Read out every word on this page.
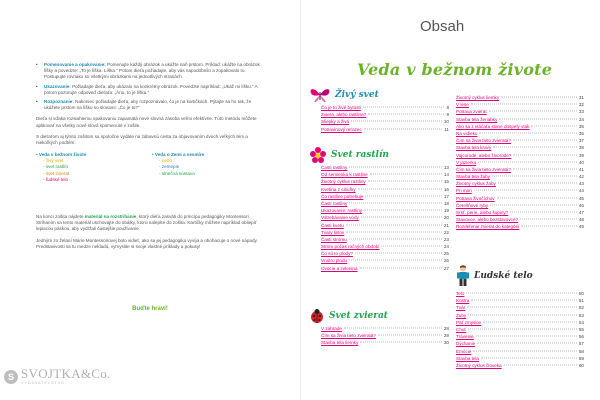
• Pomenovanie a opakovanie: Pomenujte každý obrázok a ukážte naň prstom. Príklad: ukážte na obrázok líšky a povedzte: „To je líška. Líška.“ Potom dieťa požiadajte, aby vás napodobnilo a zopakovalo to. Postupujte rovnako so všetkými obrázkami na jednotlivých stranách.
• Ukazovanie: Požiadajte dieťa, aby ukázalo na konkrétny obrázok. Povedzte napríklad: „Ukáž mi líšku.“ A potom pozorujte odpoveď dieťaťa: „Áno, to je líška.“
• Rozpoznanie: Nakoniec požiadajte dieťa, aby rozpoznávalo, čo je na kartičkách. Pýtajte sa ho tak, že ukážete prstom na líšku so slovami: „Čo je to?“

Dieťa si vďaka rozsiahlemu opakovaniu zapamätá nové slovná zásoba veľmi efektívne. Túto metódu môžete aplikovať na všetky nové slová spomenuté v zošite.

S dieťaťom aj týmto zošitom sa spoločne vydáte na zábavnú cesta za objavovaním dvoch veľkých tém a niekoľkých podtém:

• Veda v bežnom živote
- živý svet
- svet rastlín
- svet zvierat
- ľudské telo
• Veda o Zemi a vesmíre
- nebo
- zemepis
- slnečná sústava

Na konci zošita nájdete materiál na rozstrihanie, ktorý dieťa zasväti do princípu pedagogiky Montessori. Strihaním sa tento materiál uschovajte do obálky, ktorú nalepíte do zošita. Kartičky môžete napríklad obliepiť lepiacou páskou, aby vydržali častejšie používanie.

Jedným zo želaní Márie Montessoriovej bolo vidieť, ako sa jej pedagogika vyvíja a obohacuje o nové nápady. Predstavivosti sa tu medze nekladú, vymyslite si svoje vlastné príklady a pokusy!

Buďte hraví!
S SVOJTKA&Co.
VYDAVATEĽSTVO
Obsah
Veda v bežnom živote
Živý svet
Čo je to živé bytosti	8
Zviera, alebo rastlina?	9
Sliepky a živá	10
Potravinový reťazec	11
Svet rastlín
Časti rastliny	13
Od semienka k rastline	14
Životný cyklus rastliny	15
Kvetina z cibuľky	16
Čo rastline potrebuje	17
Časti rastliny	18
Ukazovanie: rastliny	19
Vstrebávanie vody	20
Časti kvetu	21
Tvary listov	22
Časti stromu	23
Strom počas ročných období	24
Čo sú to plody?	25
Vnútro plodu	26
Ovocie a zelenina	27
Svet zvierat
V záhrade	28
Čím sa živia tieto zvieratá?	29
Stavba tela liemky	30
Životný cyklus liemky	31
V lese	32
Potrava zvierat	33
Stavba tela žeriabky	34
Ako sa z vtáčaťa stane dospelý vták	35
Na vidieku	36
Čím sa živia tieto zvieratá?	37
Stavba tela kravy	38
Vajcorodé, alebo živorodé?	39
V jazierku	40
Čím sa živia tieto zvieratá?	41
Stavba tela žaby	42
Životný cyklus žaby	43
Pri mori	44
Potrava živočíchov	45
Čerešňové ryby	46
Srsť, perie, alebo šupiny?	47
Stavovce, alebo bezstavovce?	48
Rozdeľenie zvierat do kategórií	49
Ľudské telo
Telo	50
Kostra	51
Tvár	52
Zuby	53
Päť zmyslov	54
Chuť	55
Trávenie	56
Dýchanie	57
Emócie	58
Stavba tela	59
Životný cyklus človeka	60
